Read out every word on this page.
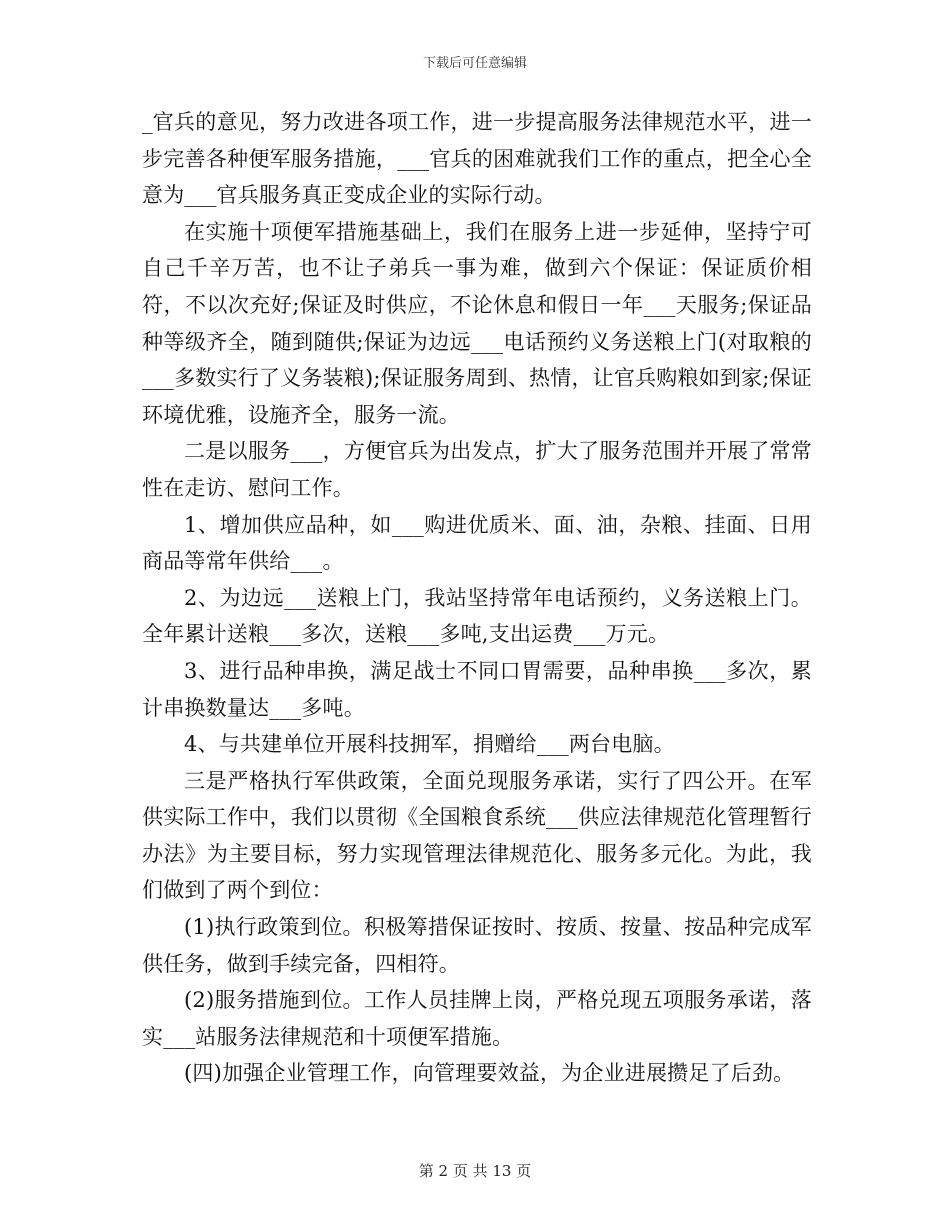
下载后可任意编辑

_官兵的意见，努力改进各项工作，进一步提高服务法律规范水平，进一步完善各种便军服务措施，___官兵的困难就我们工作的重点，把全心全意为___官兵服务真正变成企业的实际行动。

在实施十项便军措施基础上，我们在服务上进一步延伸，坚持宁可自己千辛万苦，也不让子弟兵一事为难，做到六个保证：保证质价相符，不以次充好;保证及时供应，不论休息和假日一年___天服务;保证品种等级齐全，随到随供;保证为边远___电话预约义务送粮上门(对取粮的___多数实行了义务装粮);保证服务周到、热情，让官兵购粮如到家;保证环境优雅，设施齐全，服务一流。

二是以服务___，方便官兵为出发点，扩大了服务范围并开展了常常性在走访、慰问工作。

1、增加供应品种，如___购进优质米、面、油，杂粮、挂面、日用商品等常年供给___。

2、为边远___送粮上门，我站坚持常年电话预约，义务送粮上门。全年累计送粮___多次，送粮___多吨,支出运费___万元。

3、进行品种串换，满足战士不同口胃需要，品种串换___多次，累计串换数量达___多吨。

4、与共建单位开展科技拥军，捐赠给___两台电脑。

三是严格执行军供政策，全面兑现服务承诺，实行了四公开。在军供实际工作中，我们以贯彻《全国粮食系统___供应法律规范化管理暂行办法》为主要目标，努力实现管理法律规范化、服务多元化。为此，我们做到了两个到位：

(1)执行政策到位。积极筹措保证按时、按质、按量、按品种完成军供任务，做到手续完备，四相符。

(2)服务措施到位。工作人员挂牌上岗，严格兑现五项服务承诺，落实___站服务法律规范和十项便军措施。

(四)加强企业管理工作，向管理要效益，为企业进展攒足了后劲。

第 2 页 共 13 页
